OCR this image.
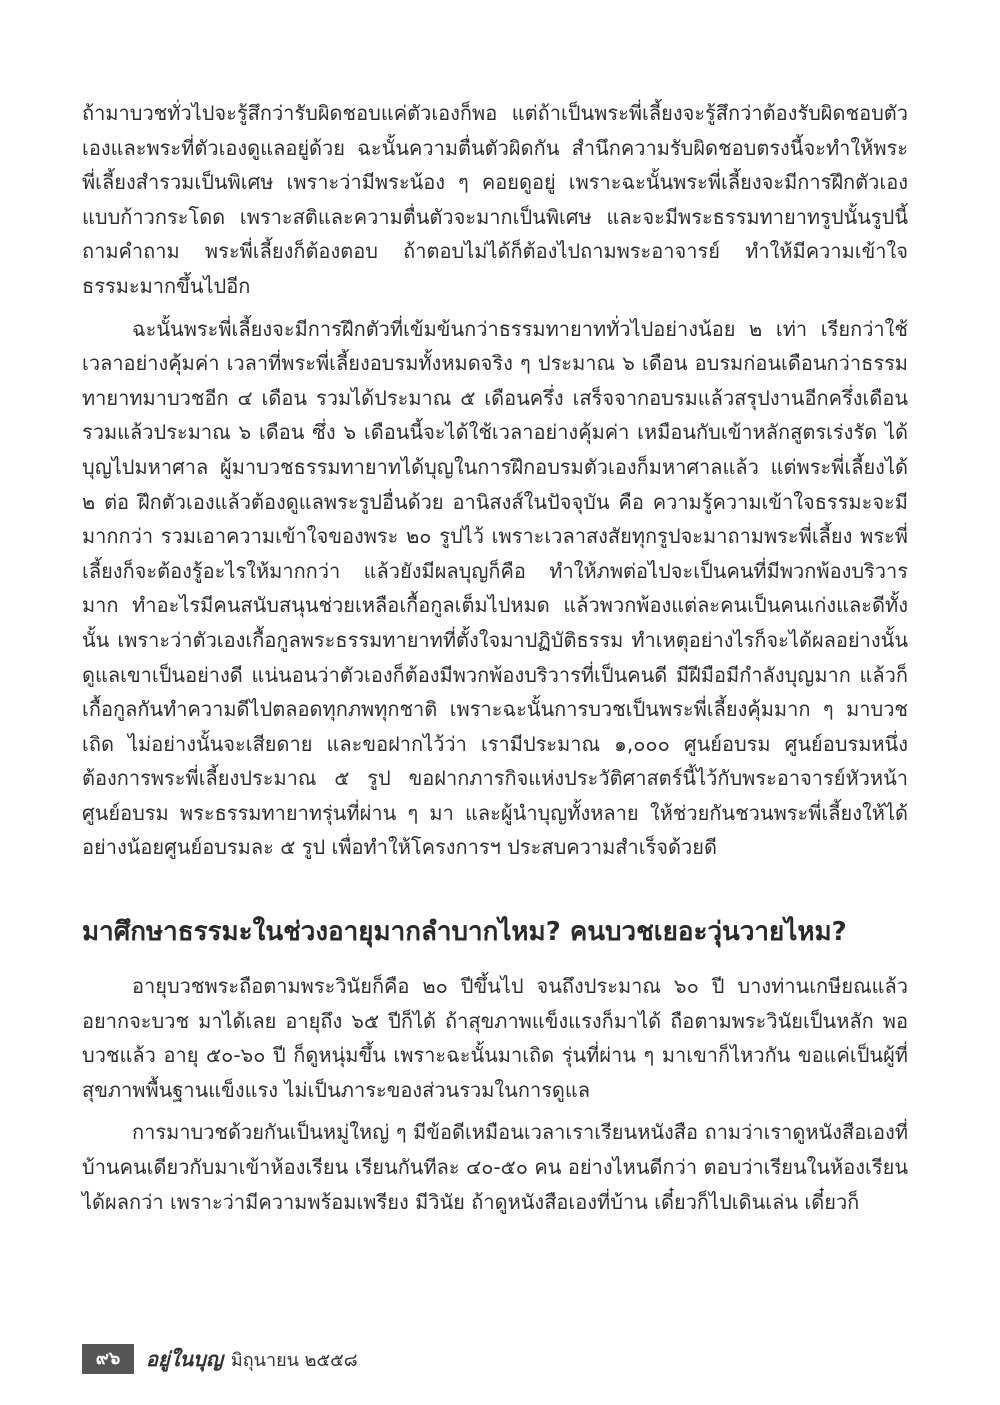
ถ้ามาบวชทั่วไปจะรู้สึกว่ารับผิดชอบแค่ตัวเองก็พอ แต่ถ้าเป็นพระพี่เลี้ยงจะรู้สึกว่าต้องรับผิดชอบตัวเองและพระที่ตัวเองดูแลอยู่ด้วย ฉะนั้นความตื่นตัวผิดกัน สำนึกความรับผิดชอบตรงนี้จะทำให้พระพี่เลี้ยงสำรวมเป็นพิเศษ เพราะว่ามีพระน้อง ๆ คอยดูอยู่ เพราะฉะนั้นพระพี่เลี้ยงจะมีการฝึกตัวเองแบบก้าวกระโดด เพราะสติและความตื่นตัวจะมากเป็นพิเศษ และจะมีพระธรรมทายาทรูปนั้นรูปนี้ถามคำถาม พระพี่เลี้ยงก็ต้องตอบ ถ้าตอบไม่ได้ก็ต้องไปถามพระอาจารย์ ทำให้มีความเข้าใจธรรมะมากขึ้นไปอีก

ฉะนั้นพระพี่เลี้ยงจะมีการฝึกตัวที่เข้มข้นกว่าธรรมทายาททั่วไปอย่างน้อย ๒ เท่า เรียกว่าใช้เวลาอย่างคุ้มค่า เวลาที่พระพี่เลี้ยงอบรมทั้งหมดจริง ๆ ประมาณ ๖ เดือน อบรมก่อนเดือนกว่าธรรมทายาทมาบวชอีก ๔ เดือน รวมได้ประมาณ ๕ เดือนครึ่ง เสร็จจากอบรมแล้วสรุปงานอีกครึ่งเดือน รวมแล้วประมาณ ๖ เดือน ซึ่ง ๖ เดือนนี้จะได้ใช้เวลาอย่างคุ้มค่า เหมือนกับเข้าหลักสูตรเร่งรัด ได้บุญไปมหาศาล ผู้มาบวชธรรมทายาทได้บุญในการฝึกอบรมตัวเองก็มหาศาลแล้ว แต่พระพี่เลี้ยงได้ ๒ ต่อ ฝึกตัวเองแล้วต้องดูแลพระรูปอื่นด้วย อานิสงส์ในปัจจุบัน คือ ความรู้ความเข้าใจธรรมะจะมีมากกว่า รวมเอาความเข้าใจของพระ ๒๐ รูปไว้ เพราะเวลาสงสัยทุกรูปจะมาถามพระพี่เลี้ยง พระพี่เลี้ยงก็จะต้องรู้อะไรให้มากกว่า แล้วยังมีผลบุญก็คือ ทำให้ภพต่อไปจะเป็นคนที่มีพวกพ้องบริวารมาก ทำอะไรมีคนสนับสนุนช่วยเหลือเกื้อกูลเต็มไปหมด แล้วพวกพ้องแต่ละคนเป็นคนเก่งและดีทั้งนั้น เพราะว่าตัวเองเกื้อกูลพระธรรมทายาทที่ตั้งใจมาปฏิบัติธรรม ทำเหตุอย่างไรก็จะได้ผลอย่างนั้น ดูแลเขาเป็นอย่างดี แน่นอนว่าตัวเองก็ต้องมีพวกพ้องบริวารที่เป็นคนดี มีฝีมือมีกำลังบุญมาก แล้วก็เกื้อกูลกันทำความดีไปตลอดทุกภพทุกชาติ เพราะฉะนั้นการบวชเป็นพระพี่เลี้ยงคุ้มมาก ๆ มาบวชเถิด ไม่อย่างนั้นจะเสียดาย และขอฝากไว้ว่า เรามีประมาณ ๑,๐๐๐ ศูนย์อบรม ศูนย์อบรมหนึ่งต้องการพระพี่เลี้ยงประมาณ ๕ รูป ขอฝากภารกิจแห่งประวัติศาสตร์นี้ไว้กับพระอาจารย์หัวหน้าศูนย์อบรม พระธรรมทายาทรุ่นที่ผ่าน ๆ มา และผู้นำบุญทั้งหลาย ให้ช่วยกันชวนพระพี่เลี้ยงให้ได้อย่างน้อยศูนย์อบรมละ ๕ รูป เพื่อทำให้โครงการฯ ประสบความสำเร็จด้วยดี

มาศึกษาธรรมะในช่วงอายุมากลำบากไหม? คนบวชเยอะวุ่นวายไหม?

อายุบวชพระถือตามพระวินัยก็คือ ๒๐ ปีขึ้นไป จนถึงประมาณ ๖๐ ปี บางท่านเกษียณแล้วอยากจะบวช มาได้เลย อายุถึง ๖๕ ปีก็ได้ ถ้าสุขภาพแข็งแรงก็มาได้ ถือตามพระวินัยเป็นหลัก พอบวชแล้ว อายุ ๕๐-๖๐ ปี ก็ดูหนุ่มขึ้น เพราะฉะนั้นมาเถิด รุ่นที่ผ่าน ๆ มาเขาก็ไหวกัน ขอแค่เป็นผู้ที่สุขภาพพื้นฐานแข็งแรง ไม่เป็นภาระของส่วนรวมในการดูแล

การมาบวชด้วยกันเป็นหมู่ใหญ่ ๆ มีข้อดีเหมือนเวลาเราเรียนหนังสือ ถามว่าเราดูหนังสือเองที่บ้านคนเดียวกับมาเข้าห้องเรียน เรียนกันทีละ ๔๐-๕๐ คน อย่างไหนดีกว่า ตอบว่าเรียนในห้องเรียนได้ผลกว่า เพราะว่ามีความพร้อมเพรียง มีวินัย ถ้าดูหนังสือเองที่บ้าน เดี๋ยวก็ไปเดินเล่น เดี๋ยวก็

๙๖	อยู่ในบุญ มิถุนายน ๒๕๕๘
